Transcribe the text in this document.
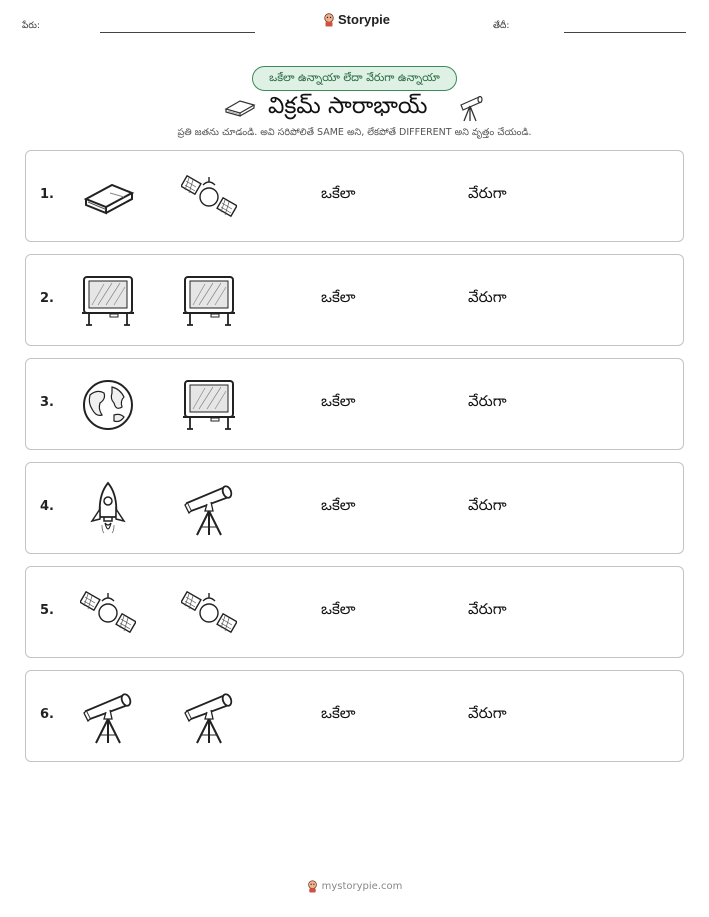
పేరు:	Storypie	తేదీ:
ఒకేలా ఉన్నాయా లేదా వేరుగా ఉన్నాయా
విక్రమ్ సారాభాయ్
ప్రతి జతను చూడండి. అవి సరిపోలితే SAME అని, లేకపోతే DIFFERENT అని వృత్తం చేయండి.
1.	ఒకేలా	వేరుగా
2.	ఒకేలా	వేరుగా
3.	ఒకేలా	వేరుగా
4.	ఒకేలా	వేరుగా
5.	ఒకేలా	వేరుగా
6.	ఒకేలా	వేరుగా
mystorypie.com
